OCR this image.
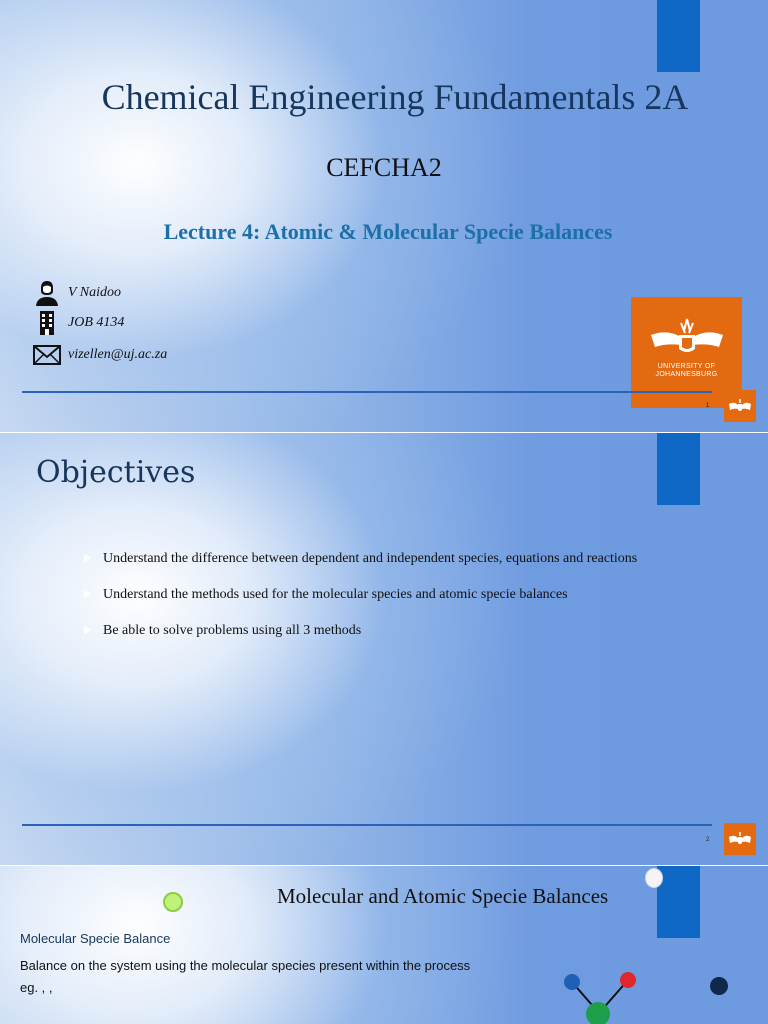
Chemical Engineering Fundamentals 2A
CEFCHA2
Lecture 4: Atomic & Molecular Specie Balances
V Naidoo
JOB 4134
vizellen@uj.ac.za
UNIVERSITY OF JOHANNESBURG
1
Objectives
Understand the difference between dependent and independent species, equations and reactions
Understand the methods used for the molecular species and atomic specie balances
Be able to solve problems using all 3 methods
2
Molecular and Atomic Specie Balances
Molecular Specie Balance
Balance on the system using the molecular species present within the process
eg. , ,
